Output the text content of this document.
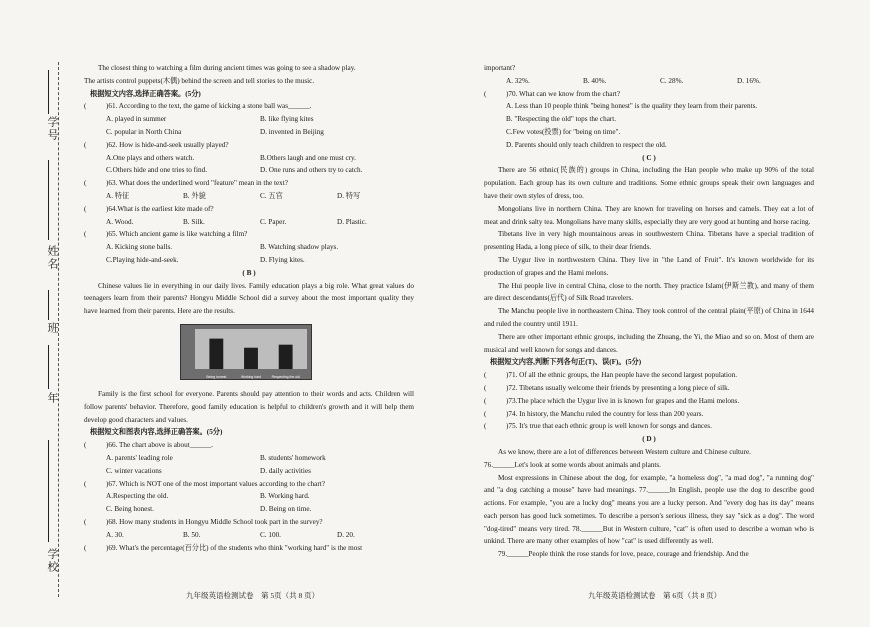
学号
姓名
班
年
学校
The closest thing to watching a film during ancient times was going to see a shadow play.
The artists control puppets(木偶) behind the screen and tell stories to the music.
根据短文内容,选择正确答案。(5分)
(	)61. According to the text, the game of kicking a stone ball was______.
A. played in summer	B. like flying kites
C. popular in North China	D. invented in Beijing
(	)62. How is hide-and-seek usually played?
A.One plays and others watch.	B.Others laugh and one must cry.
C.Others hide and one tries to find.	D. One runs and others try to catch.
(	)63. What does the underlined word "feature" mean in the text?
A. 特征	B. 外貌	C. 五官	D. 特写
(	)64.What is the earliest kite made of?
A. Wood.	B. Silk.	C. Paper.	D. Plastic.
(	)65. Which ancient game is like watching a film?
A. Kicking stone balls.	B. Watching shadow plays.
C.Playing hide-and-seek.	D. Flying kites.
( B )
Chinese values lie in everything in our daily lives. Family education plays a big role. What great values do teenagers learn from their parents? Hongyu Middle School did a survey about the most important quality they have learned from their parents. Here are the results.
Being honest	Working hard	Respecting the old
Family is the first school for everyone. Parents should pay attention to their words and acts. Children will follow parents' behavior. Therefore, good family education is helpful to children's growth and it will help them develop good characters and values.
根据短文和图表内容,选择正确答案。(5分)
(	)66. The chart above is about______.
A. parents' leading role	B. students' homework
C. winter vacations	D. daily activities
(	)67. Which is NOT one of the most important values according to the chart?
A.Respecting the old.	B. Working hard.
C. Being honest.	D. Being on time.
(	)68. How many students in Hongyu Middle School took part in the survey?
A. 30.	B. 50.	C. 100.	D. 20.
(	)69. What's the percentage(百分比) of the students who think "working hard" is the most
important?
A. 32%.	B. 40%.	C. 28%.	D. 16%.
(	)70. What can we know from the chart?
A. Less than 10 people think "being honest" is the quality they learn from their parents.
B. "Respecting the old" tops the chart.
C.Few votes(投票) for "being on time".
D. Parents should only teach children to respect the old.
( C )
There are 56 ethnic(民族的) groups in China, including the Han people who make up 90% of the total population. Each group has its own culture and traditions. Some ethnic groups speak their own languages and have their own styles of dress, too.
Mongolians live in northern China. They are known for traveling on horses and camels. They eat a lot of meat and drink salty tea. Mongolians have many skills, especially they are very good at hunting and horse racing.
Tibetans live in very high mountainous areas in southwestern China. Tibetans have a special tradition of presenting Hada, a long piece of silk, to their dear friends.
The Uygur live in northwestern China. They live in "the Land of Fruit". It's known worldwide for its production of grapes and the Hami melons.
The Hui people live in central China, close to the north. They practice Islam(伊斯兰教), and many of them are direct descendants(后代) of Silk Road travelers.
The Manchu people live in northeastern China. They took control of the central plain(平原) of China in 1644 and ruled the country until 1911.
There are other important ethnic groups, including the Zhuang, the Yi, the Miao and so on. Most of them are musical and well known for songs and dances.
根据短文内容,判断下列各句正(T)、误(F)。(5分)
(	)71. Of all the ethnic groups, the Han people have the second largest population.
(	)72. Tibetans usually welcome their friends by presenting a long piece of silk.
(	)73.The place which the Uygur live in is known for grapes and the Hami melons.
(	)74. In history, the Manchu ruled the country for less than 200 years.
(	)75. It's true that each ethnic group is well known for songs and dances.
( D )
As we know, there are a lot of differences between Western culture and Chinese culture.
76.______Let's look at some words about animals and plants.
Most expressions in Chinese about the dog, for example, "a homeless dog", "a mad dog", "a running dog" and "a dog catching a mouse" have bad meanings. 77.______In English, people use the dog to describe good actions. For example, "you are a lucky dog" means you are a lucky person. And "every dog has its day" means each person has good luck sometimes. To describe a person's serious illness, they say "sick as a dog". The word "dog-tired" means very tired. 78.______But in Western culture, "cat" is often used to describe a woman who is unkind. There are many other examples of how "cat" is used differently as well.
79.______People think the rose stands for love, peace, courage and friendship. And the
九年级英语检测试卷　第 5页（共 8 页）	九年级英语检测试卷　第 6页（共 8 页）
